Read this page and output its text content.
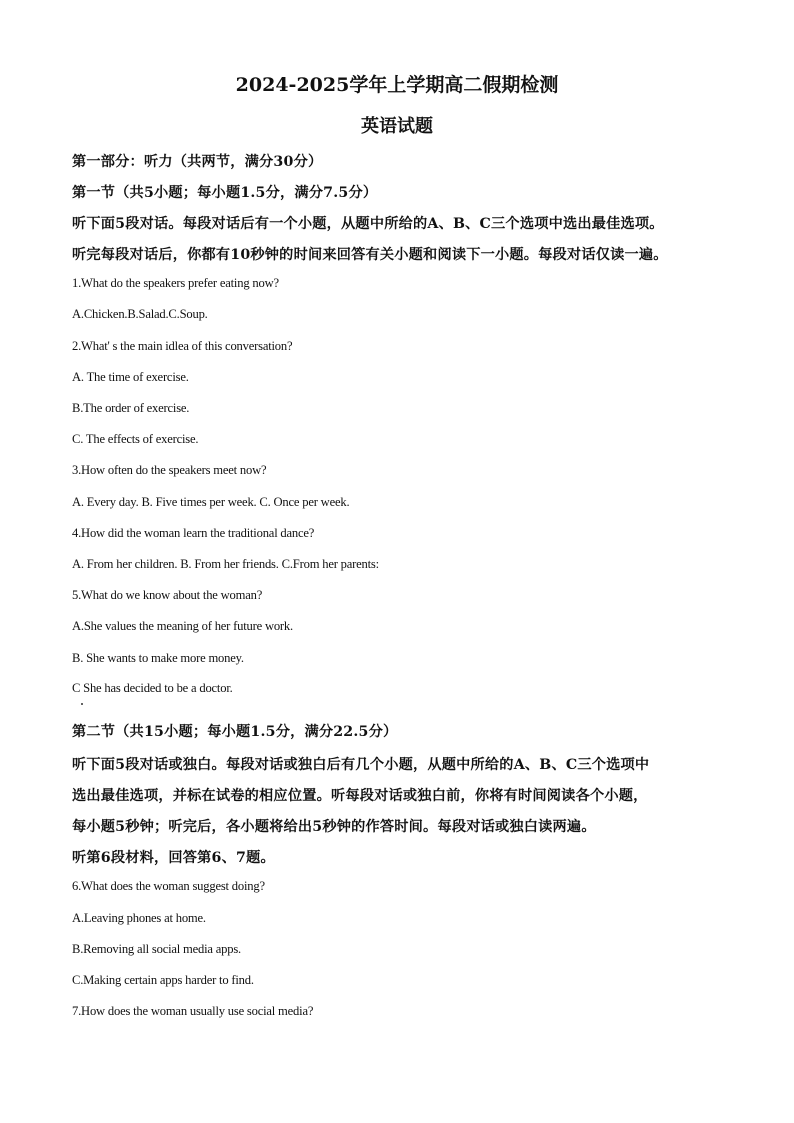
2024-2025学年上学期高二假期检测
英语试题

第一部分：听力（共两节，满分30分）

第一节（共5小题；每小题1.5分，满分7.5分）

听下面5段对话。每段对话后有一个小题，从题中所给的A、B、C三个选项中选出最佳选项。

听完每段对话后，你都有10秒钟的时间来回答有关小题和阅读下一小题。每段对话仅读一遍。

1.What do the speakers prefer eating now?

A.Chicken.B.Salad.C.Soup.

2.What' s the main idlea of this conversation?

A. The time of exercise.

B.The order of exercise.

C. The effects of exercise.

3.How often do the speakers meet now?

A. Every day. B. Five times per week. C. Once per week.

4.How did the woman learn the traditional dance?

A. From her children. B. From her friends. C.From her parents:

5.What do we know about the woman?

A.She values the meaning of her future work.

B. She wants to make more money.

C She has decided to be a doctor.

第二节（共15小题；每小题1.5分，满分22.5分）

听下面5段对话或独白。每段对话或独白后有几个小题，从题中所给的A、B、C三个选项中

选出最佳选项，并标在试卷的相应位置。听每段对话或独白前，你将有时间阅读各个小题，

每小题5秒钟；听完后，各小题将给出5秒钟的作答时间。每段对话或独白读两遍。

听第6段材料，回答第6、7题。

6.What does the woman suggest doing?

A.Leaving phones at home.

B.Removing all social media apps.

C.Making certain apps harder to find.

7.How does the woman usually use social media?
